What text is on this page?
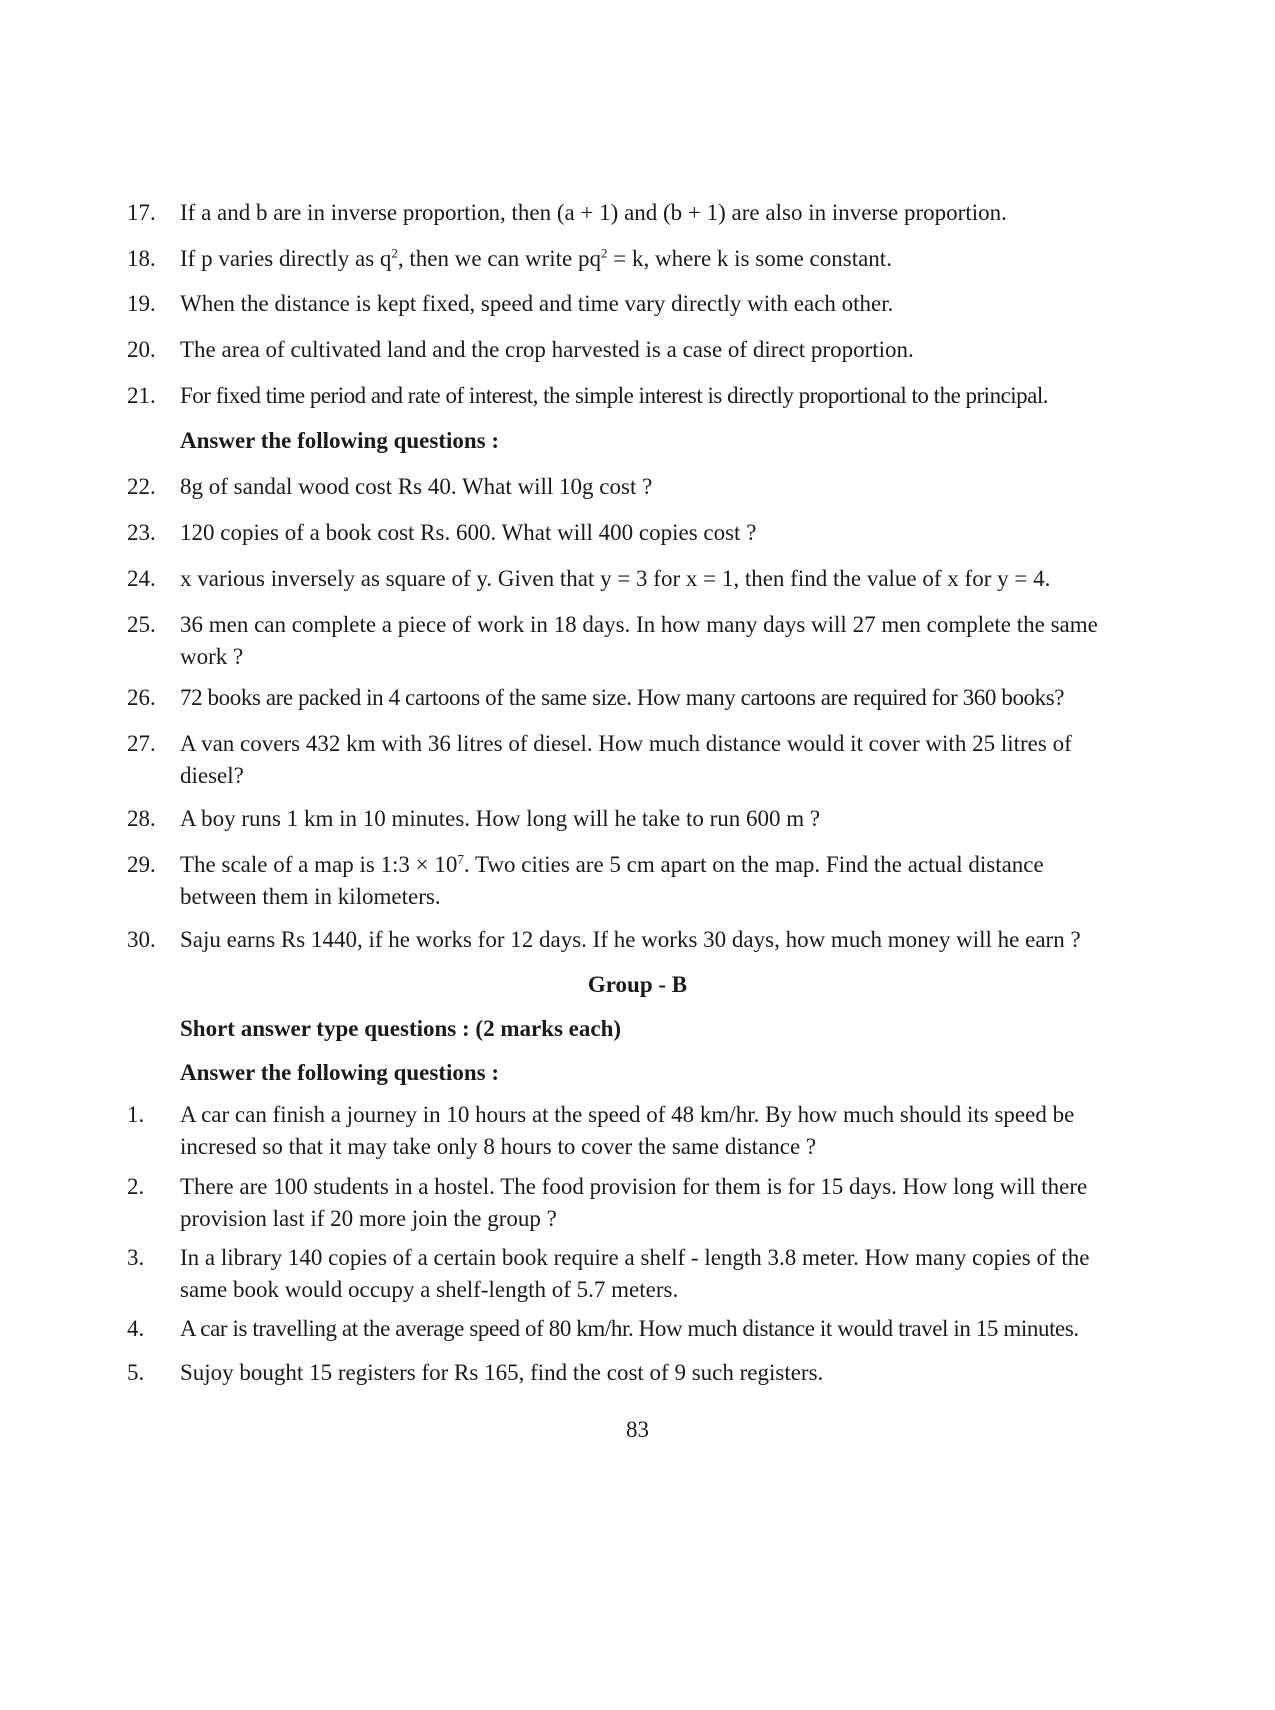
17.	If a and b are in inverse proportion, then (a + 1) and (b + 1) are also in inverse proportion.
18.	If p varies directly as $q^2$, then we can write $pq^2 = k$, where k is some constant.
19.	When the distance is kept fixed, speed and time vary directly with each other.
20.	The area of cultivated land and the crop harvested is a case of direct proportion.
21.	For fixed time period and rate of interest, the simple interest is directly proportional to the principal.
Answer the following questions :
22.	8g of sandal wood cost Rs 40. What will 10g cost ?
23.	120 copies of a book cost Rs. 600. What will 400 copies cost ?
24.	x various inversely as square of y. Given that y = 3 for x = 1, then find the value of x for y = 4.
25.	36 men can complete a piece of work in 18 days. In how many days will 27 men complete the same
work ?
26.	72 books are packed in 4 cartoons of the same size. How many cartoons are required for 360 books?
27.	A van covers 432 km with 36 litres of diesel. How much distance would it cover with 25 litres of
diesel?
28.	A boy runs 1 km in 10 minutes. How long will he take to run 600 m ?
29.	The scale of a map is 1:3 × $10^7$. Two cities are 5 cm apart on the map. Find the actual distance
between them in kilometers.
30.	Saju earns Rs 1440, if he works for 12 days. If he works 30 days, how much money will he earn ?
Group - B
Short answer type questions : (2 marks each)
Answer the following questions :
1.	A car can finish a journey in 10 hours at the speed of 48 km/hr. By how much should its speed be
incresed so that it may take only 8 hours to cover the same distance ?
2.	There are 100 students in a hostel. The food provision for them is for 15 days. How long will there
provision last if 20 more join the group ?
3.	In a library 140 copies of a certain book require a shelf - length 3.8 meter. How many copies of the
same book would occupy a shelf-length of 5.7 meters.
4.	A car is travelling at the average speed of 80 km/hr. How much distance it would travel in 15 minutes.
5.	Sujoy bought 15 registers for Rs 165, find the cost of 9 such registers.
83
